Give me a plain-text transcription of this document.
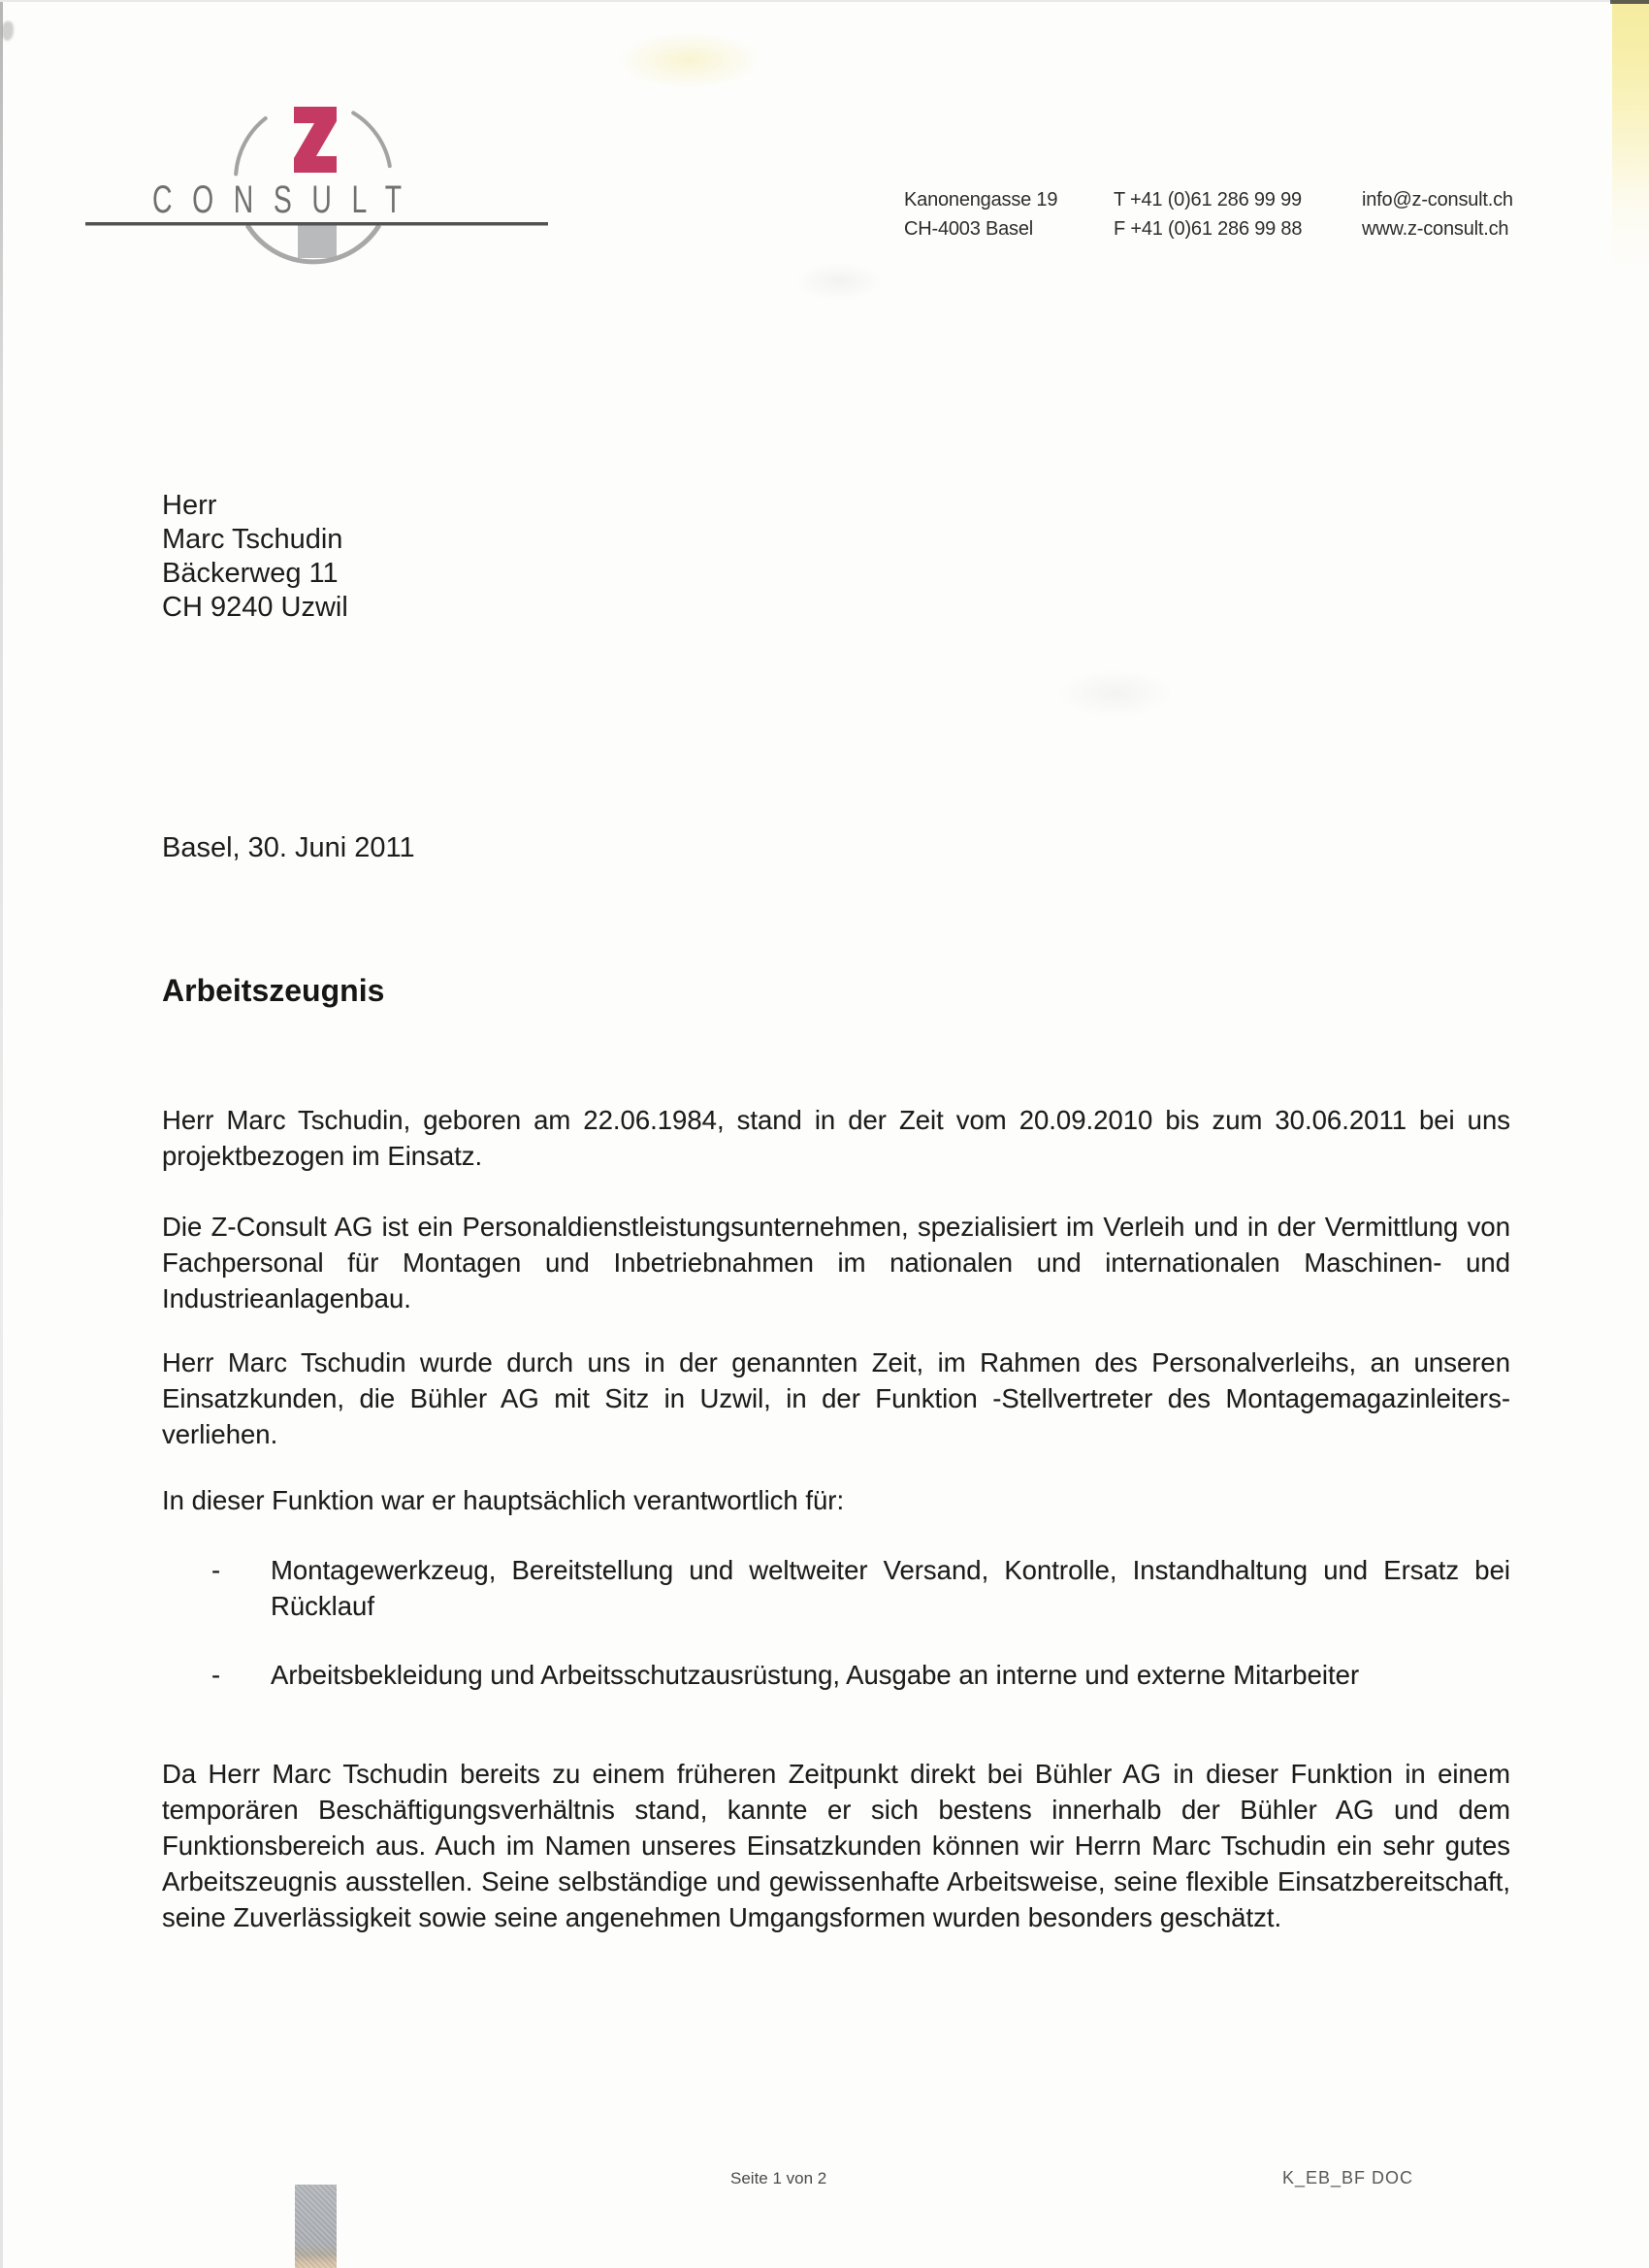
CONSULT	Kanonengasse 19
CH-4003 Basel
T +41 (0)61 286 99 99
F +41 (0)61 286 99 88
info@z-consult.ch
www.z-consult.ch
Herr
Marc Tschudin
Bäckerweg 11
CH 9240 Uzwil
Basel, 30. Juni 2011
Arbeitszeugnis

Herr Marc Tschudin, geboren am 22.06.1984, stand in der Zeit vom 20.09.2010 bis zum 30.06.2011 bei uns projektbezogen im Einsatz.

Die Z-Consult AG ist ein Personaldienstleistungsunternehmen, spezialisiert im Verleih und in der Vermittlung von Fachpersonal für Montagen und Inbetriebnahmen im nationalen und internationalen Maschinen- und Industrieanlagenbau.

Herr Marc Tschudin wurde durch uns in der genannten Zeit, im Rahmen des Personalverleihs, an unseren Einsatzkunden, die Bühler AG mit Sitz in Uzwil, in der Funktion -Stellvertreter des Montagemagazinleiters- verliehen.

In dieser Funktion war er hauptsächlich verantwortlich für:

- Montagewerkzeug, Bereitstellung und weltweiter Versand, Kontrolle, Instandhaltung und Ersatz bei Rücklauf
- Arbeitsbekleidung und Arbeitsschutzausrüstung, Ausgabe an interne und externe Mitarbeiter

Da Herr Marc Tschudin bereits zu einem früheren Zeitpunkt direkt bei Bühler AG in dieser Funktion in einem temporären Beschäftigungsverhältnis stand, kannte er sich bestens innerhalb der Bühler AG und dem Funktionsbereich aus. Auch im Namen unseres Einsatzkunden können wir Herrn Marc Tschudin ein sehr gutes Arbeitszeugnis ausstellen. Seine selbständige und gewissenhafte Arbeitsweise, seine flexible Einsatzbereitschaft, seine Zuverlässigkeit sowie seine angenehmen Umgangsformen wurden besonders geschätzt.

Seite 1 von 2	K_EB_BF DOC
